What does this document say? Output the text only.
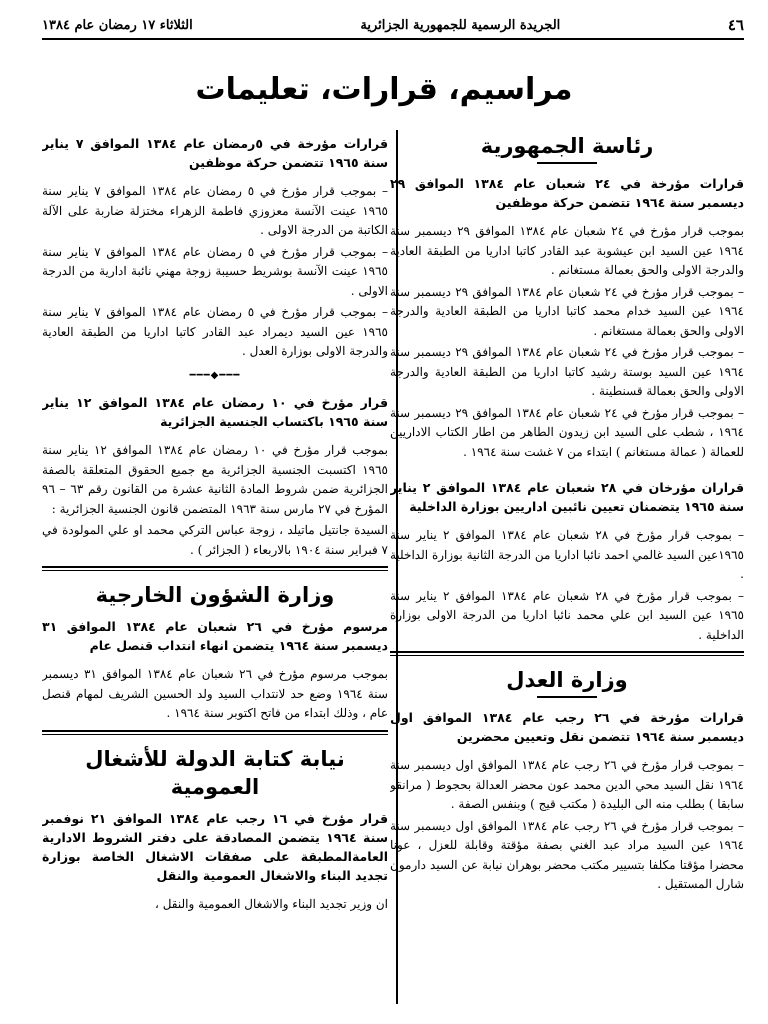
٤٦
الجريدة الرسمية للجمهورية الجزائرية
الثلاثاء ١٧ رمضان عام ١٣٨٤
مراسيم، قرارات، تعليمات
رئاسة الجمهورية
قرارات مؤرخة في ٢٤ شعبان عام ١٣٨٤ الموافق ٢٩ ديسمبر سنة ١٩٦٤ تتضمن حركة موظفين

بموجب قرار مؤرخ في ٢٤ شعبان عام ١٣٨٤ الموافق ٢٩ ديسمبر سنة ١٩٦٤ عين السيد ابن عيشوبة عبد القادر كاتبا اداريا من الطبقة العادية والدرجة الاولى والحق بعمالة مستغانم .

– بموجب قرار مؤرخ في ٢٤ شعبان عام ١٣٨٤ الموافق ٢٩ ديسمبر سنة ١٩٦٤ عين السيد خدام محمد كاتبا اداريا من الطبقة العادية والدرجة الاولى والحق بعمالة مستغانم .

– بموجب قرار مؤرخ في ٢٤ شعبان عام ١٣٨٤ الموافق ٢٩ ديسمبر سنة ١٩٦٤ عين السيد بوستة رشيد كاتبا اداريا من الطبقة العادية والدرجة الاولى والحق بعمالة قسنطينة .

– بموجب قرار مؤرخ في ٢٤ شعبان عام ١٣٨٤ الموافق ٢٩ ديسمبر سنة ١٩٦٤ ، شطب على السيد ابن زيدون الطاهر من اطار الكتاب الاداريين للعمالة ( عمالة مستغانم ) ابتداء من ٧ غشت سنة ١٩٦٤ .

قراران مؤرخان في ٢٨ شعبان عام ١٣٨٤ الموافق ٢ يناير سنة ١٩٦٥ يتضمنان تعيين نائبين اداريين بوزارة الداخلية

– بموجب قرار مؤرخ في ٢٨ شعبان عام ١٣٨٤ الموافق ٢ يناير سنة ١٩٦٥عين السيد غالمي احمد نائبا اداريا من الدرجة الثانية بوزارة الداخلية .

– بموجب قرار مؤرخ في ٢٨ شعبان عام ١٣٨٤ الموافق ٢ يناير سنة ١٩٦٥ عين السيد ابن علي محمد نائبا اداريا من الدرجة الاولى بوزارة الداخلية .

وزارة العدل
قرارات مؤرخة في ٢٦ رجب عام ١٣٨٤ الموافق اول ديسمبر سنة ١٩٦٤ تتضمن نقل وتعيين محضرين

– بموجب قرار مؤرخ في ٢٦ رجب عام ١٣٨٤ الموافق اول ديسمبر سنة ١٩٦٤ نقل السيد محي الدين محمد عون محضر العدالة بحجوط ( مرانقو سابقا ) بطلب منه الى البليدة ( مكتب قيج ) وبنفس الصفة .

– بموجب قرار مؤرخ في ٢٦ رجب عام ١٣٨٤ الموافق اول ديسمبر سنة ١٩٦٤ عين السيد مراد عبد الغني بصفة مؤقتة وقابلة للعزل ، عونا محضرا مؤقتا مكلفا بتسيير مكتب محضر بوهران نيابة عن السيد دارمون شارل المستقيل .

قرارات مؤرخة في ٥رمضان عام ١٣٨٤ الموافق ٧ يناير سنة ١٩٦٥ تتضمن حركة موظفين

– بموجب قرار مؤرخ في ٥ رمضان عام ١٣٨٤ الموافق ٧ يناير سنة ١٩٦٥ عينت الآنسة معزوزي فاطمة الزهراء مختزلة ضاربة على الآلة الكاتبة من الدرجة الاولى .

– بموجب قرار مؤرخ في ٥ رمضان عام ١٣٨٤ الموافق ٧ يناير سنة ١٩٦٥ عينت الآنسة بوشريط حسيبة زوجة مهني نائبة ادارية من الدرجة الاولى .

– بموجب قرار مؤرخ في ٥ رمضان عام ١٣٨٤ الموافق ٧ يناير سنة ١٩٦٥ عين السيد ديمراد عبد القادر كاتبا اداريا من الطبقة العادية والدرجة الاولى بوزارة العدل .

━━━◆━━━
قرار مؤرخ في ١٠ رمضان عام ١٣٨٤ الموافق ١٢ يناير سنة ١٩٦٥ باكتساب الجنسية الجزائرية

بموجب قرار مؤرخ في ١٠ رمضان عام ١٣٨٤ الموافق ١٢ يناير سنة ١٩٦٥ اكتسبت الجنسية الجزائرية مع جميع الحقوق المتعلقة بالصفة الجزائرية ضمن شروط المادة الثانية عشرة من القانون رقم ٦٣ – ٩٦ المؤرخ في ٢٧ مارس سنة ١٩٦٣ المتضمن قانون الجنسية الجزائرية :

السيدة جانتيل ماتيلد ، زوجة عباس التركي محمد او علي المولودة في ٧ فبراير سنة ١٩٠٤ بالاربعاء ( الجزائر ) .

وزارة الشؤون الخارجية
مرسوم مؤرخ في ٢٦ شعبان عام ١٣٨٤ الموافق ٣١ ديسمبر سنة ١٩٦٤ يتضمن انهاء انتداب قنصل عام

بموجب مرسوم مؤرخ في ٢٦ شعبان عام ١٣٨٤ الموافق ٣١ ديسمبر سنة ١٩٦٤ وضع حد لانتداب السيد ولد الحسين الشريف لمهام قنصل عام ، وذلك ابتداء من فاتح اكتوبر سنة ١٩٦٤ .

نيابة كتابة الدولة للأشغال العمومية
قرار مؤرخ في ١٦ رجب عام ١٣٨٤ الموافق ٢١ نوفمبر سنة ١٩٦٤ يتضمن المصادقة على دفتر الشروط الادارية العامةالمطبقة على صفقات الاشغال الخاصة بوزارة تجديد البناء والاشغال العمومية والنقل

ان وزير تجديد البناء والاشغال العمومية والنقل ،
